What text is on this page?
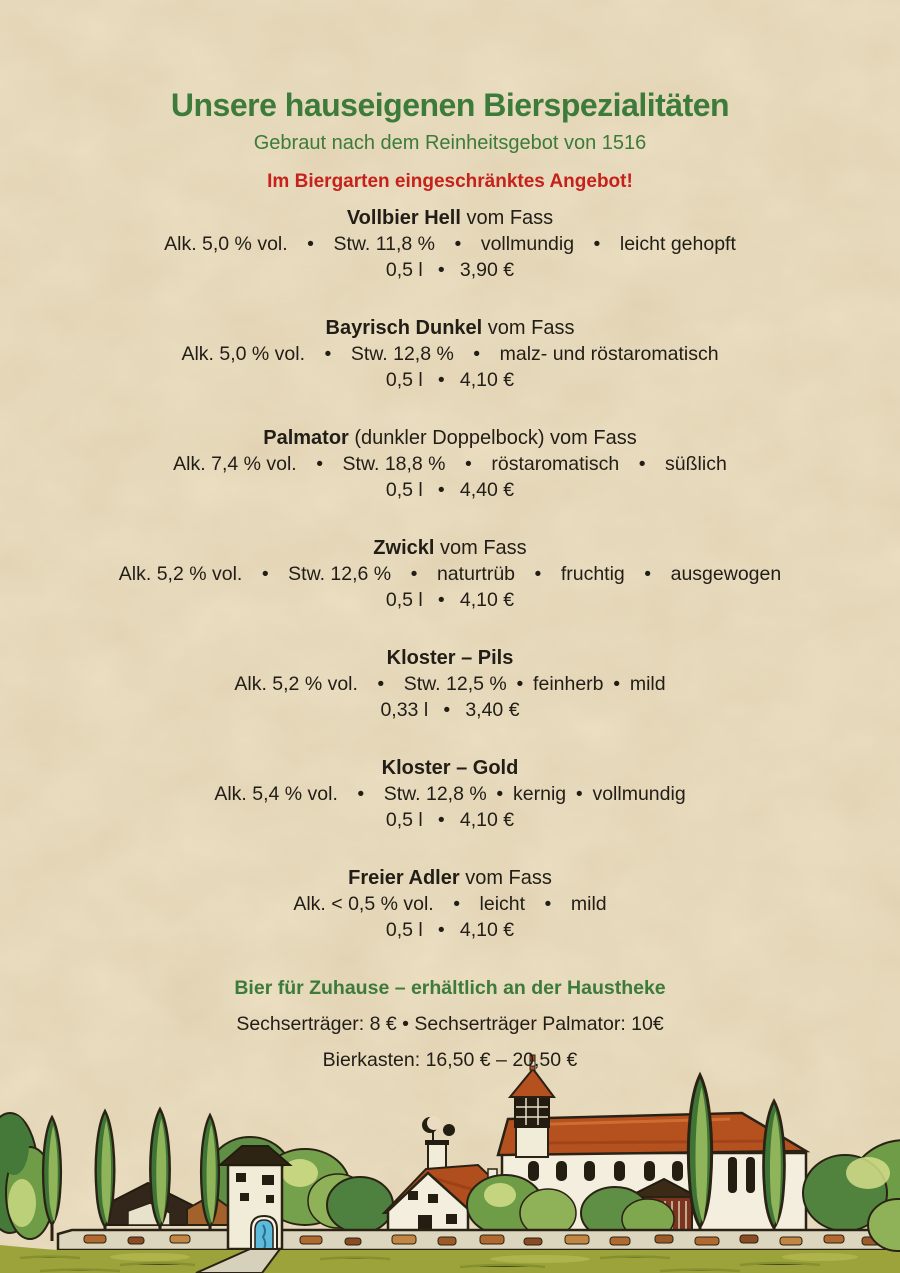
Unsere hauseigenen Bierspezialitäten
Gebraut nach dem Reinheitsgebot von 1516
Im Biergarten eingeschränktes Angebot!
Vollbier Hell vom Fass
Alk. 5,0 % vol. • Stw. 11,8 % • vollmundig • leicht gehopft
0,5 l  •  3,90 €
Bayrisch Dunkel vom Fass
Alk. 5,0 % vol. • Stw. 12,8 % • malz- und röstaromatisch
0,5 l  •  4,10 €
Palmator (dunkler Doppelbock) vom Fass
Alk. 7,4 % vol. • Stw. 18,8 % • röstaromatisch • süßlich
0,5 l  •  4,40 €
Zwickl vom Fass
Alk. 5,2 % vol. • Stw. 12,6 % • naturtrüb • fruchtig • ausgewogen
0,5 l  •  4,10 €
Kloster – Pils
Alk. 5,2 % vol. • Stw. 12,5 % • feinherb • mild
0,33 l  •  3,40 €
Kloster – Gold
Alk. 5,4 % vol. • Stw. 12,8 % • kernig • vollmundig
0,5 l  •  4,10 €
Freier Adler vom Fass
Alk. < 0,5 % vol. • leicht • mild
0,5 l  •  4,10 €
Bier für Zuhause – erhältlich an der Haustheke
Sechserträger: 8 € • Sechserträger Palmator: 10€
Bierkasten: 16,50 € – 20,50 €
